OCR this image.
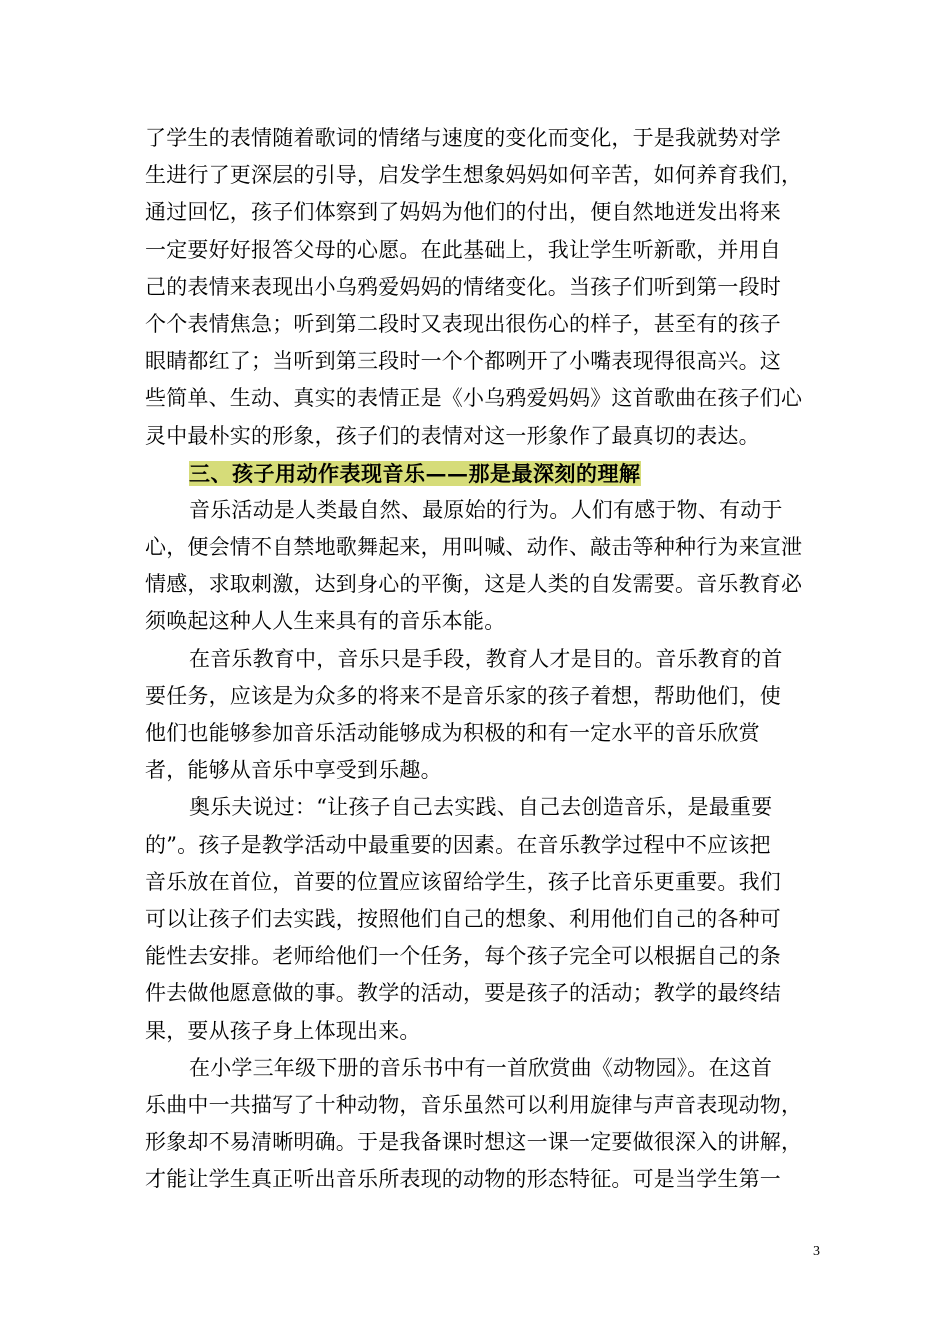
了学生的表情随着歌词的情绪与速度的变化而变化，于是我就势对学
生进行了更深层的引导，启发学生想象妈妈如何辛苦，如何养育我们，
通过回忆，孩子们体察到了妈妈为他们的付出，便自然地迸发出将来
一定要好好报答父母的心愿。在此基础上，我让学生听新歌，并用自
己的表情来表现出小乌鸦爱妈妈的情绪变化。当孩子们听到第一段时
个个表情焦急；听到第二段时又表现出很伤心的样子，甚至有的孩子
眼睛都红了；当听到第三段时一个个都咧开了小嘴表现得很高兴。这
些简单、生动、真实的表情正是《小乌鸦爱妈妈》这首歌曲在孩子们心
灵中最朴实的形象，孩子们的表情对这一形象作了最真切的表达。
三、孩子用动作表现音乐——那是最深刻的理解
音乐活动是人类最自然、最原始的行为。人们有感于物、有动于
心，便会情不自禁地歌舞起来，用叫喊、动作、敲击等种种行为来宣泄
情感，求取刺激，达到身心的平衡，这是人类的自发需要。音乐教育必
须唤起这种人人生来具有的音乐本能。
在音乐教育中，音乐只是手段，教育人才是目的。音乐教育的首
要任务，应该是为众多的将来不是音乐家的孩子着想，帮助他们，使
他们也能够参加音乐活动能够成为积极的和有一定水平的音乐欣赏
者，能够从音乐中享受到乐趣。
奥乐夫说过：“让孩子自己去实践、自己去创造音乐，是最重要
的”。孩子是教学活动中最重要的因素。在音乐教学过程中不应该把
音乐放在首位，首要的位置应该留给学生，孩子比音乐更重要。我们
可以让孩子们去实践，按照他们自己的想象、利用他们自己的各种可
能性去安排。老师给他们一个任务，每个孩子完全可以根据自己的条
件去做他愿意做的事。教学的活动，要是孩子的活动；教学的最终结
果，要从孩子身上体现出来。
在小学三年级下册的音乐书中有一首欣赏曲《动物园》。在这首
乐曲中一共描写了十种动物，音乐虽然可以利用旋律与声音表现动物，
形象却不易清晰明确。于是我备课时想这一课一定要做很深入的讲解，
才能让学生真正听出音乐所表现的动物的形态特征。可是当学生第一
3
